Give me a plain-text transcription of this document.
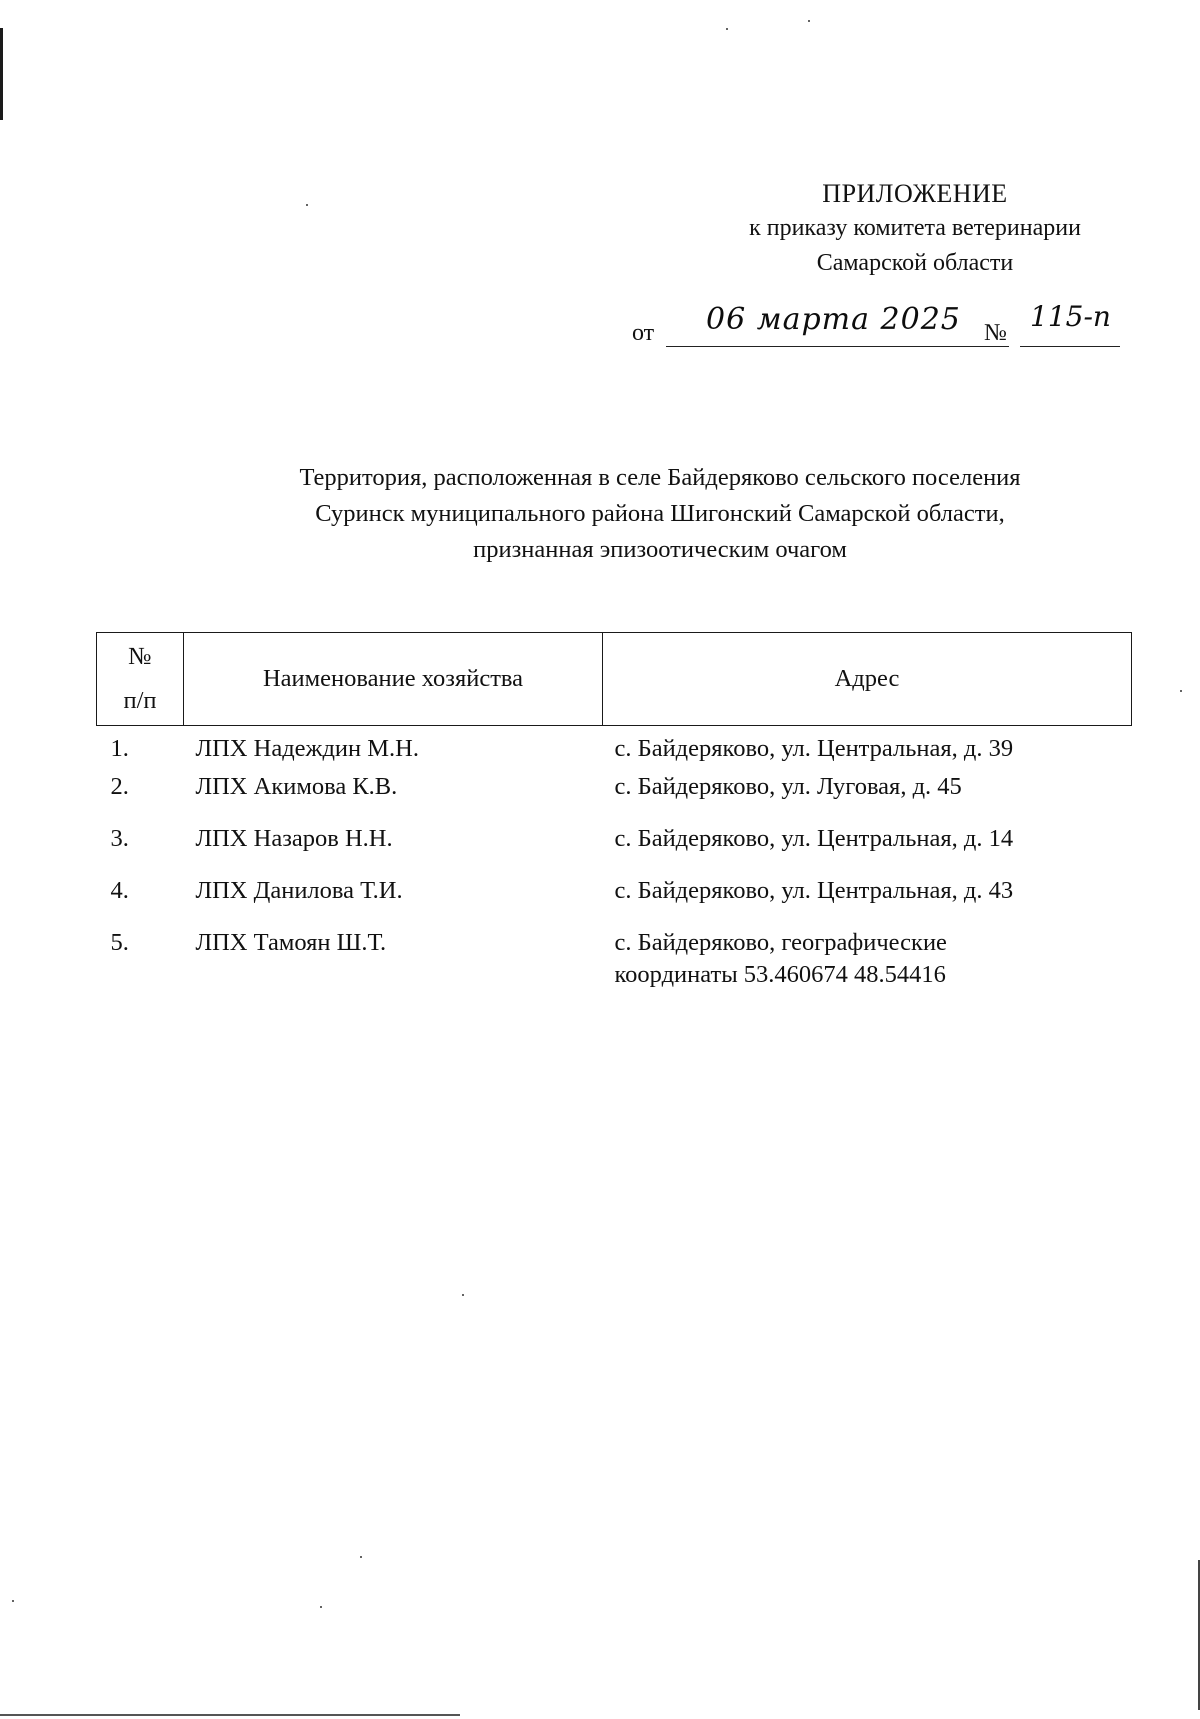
ПРИЛОЖЕНИЕ
к приказу комитета ветеринарии
Самарской области
от 06 марта 2025 № 115-п
Территория, расположенная в селе Байдеряково сельского поселения
Суринск муниципального района Шигонский Самарской области,
признанная эпизоотическим очагом
№
п/п	Наименование хозяйства	Адрес
1.	ЛПХ Надеждин М.Н.	с. Байдеряково, ул. Центральная, д. 39
2.	ЛПХ Акимова К.В.	с. Байдеряково, ул. Луговая, д. 45
3.	ЛПХ Назаров Н.Н.	с. Байдеряково, ул. Центральная, д. 14
4.	ЛПХ Данилова Т.И.	с. Байдеряково, ул. Центральная, д. 43
5.	ЛПХ Тамоян Ш.Т.	с. Байдеряково, географические
координаты 53.460674 48.54416
